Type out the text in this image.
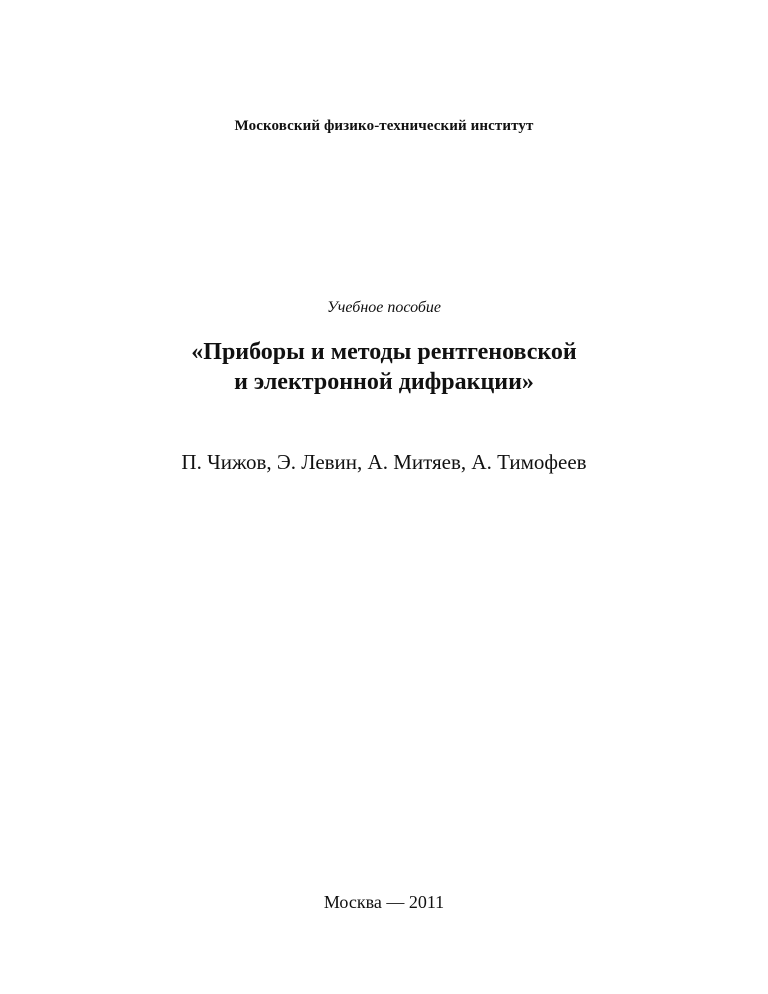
Московский физико-технический институт
Учебное пособие
«Приборы и методы рентгеновской
и электронной дифракции»
П. Чижов, Э. Левин, А. Митяев, А. Тимофеев
Москва — 2011
